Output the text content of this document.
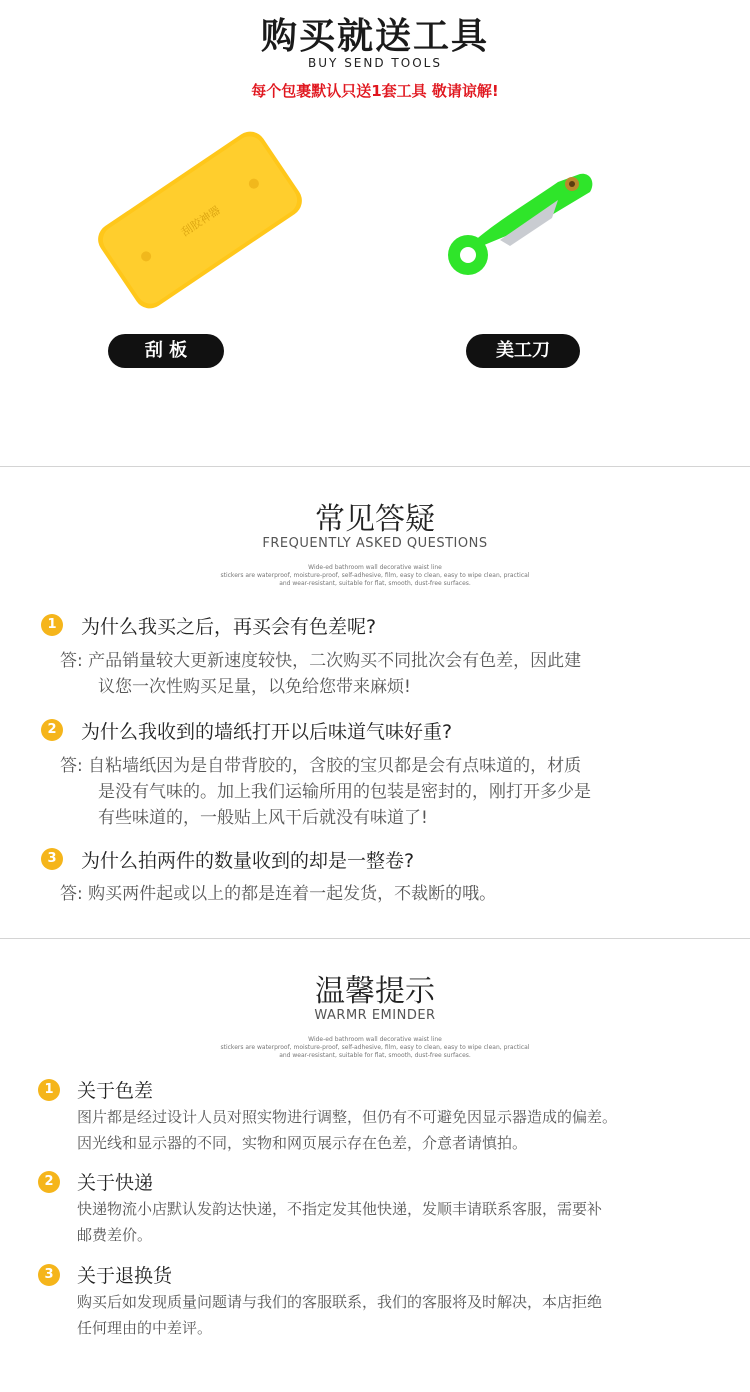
购买就送工具
BUY SEND TOOLS
每个包裹默认只送1套工具 敬请谅解!
刮胶神器
刮 板	美工刀
常见答疑
FREQUENTLY ASKED QUESTIONS
Wide-ed bathroom wall decorative waist line
stickers are waterproof, moisture-proof, self-adhesive, film, easy to clean, easy to wipe clean, practical
and wear-resistant, suitable for flat, smooth, dust-free surfaces.
1	为什么我买之后，再买会有色差呢?
答: 产品销量较大更新速度较快，二次购买不同批次会有色差，因此建
议您一次性购买足量，以免给您带来麻烦!
2	为什么我收到的墙纸打开以后味道气味好重?
答: 自粘墙纸因为是自带背胶的，含胶的宝贝都是会有点味道的，材质
是没有气味的。加上我们运输所用的包装是密封的，刚打开多少是
有些味道的，一般贴上风干后就没有味道了!
3	为什么拍两件的数量收到的却是一整卷?
答: 购买两件起或以上的都是连着一起发货，不裁断的哦。
温馨提示
WARMR EMINDER
Wide-ed bathroom wall decorative waist line
stickers are waterproof, moisture-proof, self-adhesive, film, easy to clean, easy to wipe clean, practical
and wear-resistant, suitable for flat, smooth, dust-free surfaces.
1	关于色差
图片都是经过设计人员对照实物进行调整，但仍有不可避免因显示器造成的偏差。
因光线和显示器的不同，实物和网页展示存在色差，介意者请慎拍。
2	关于快递
快递物流小店默认发韵达快递，不指定发其他快递，发顺丰请联系客服，需要补
邮费差价。
3	关于退换货
购买后如发现质量问题请与我们的客服联系，我们的客服将及时解决，本店拒绝
任何理由的中差评。
